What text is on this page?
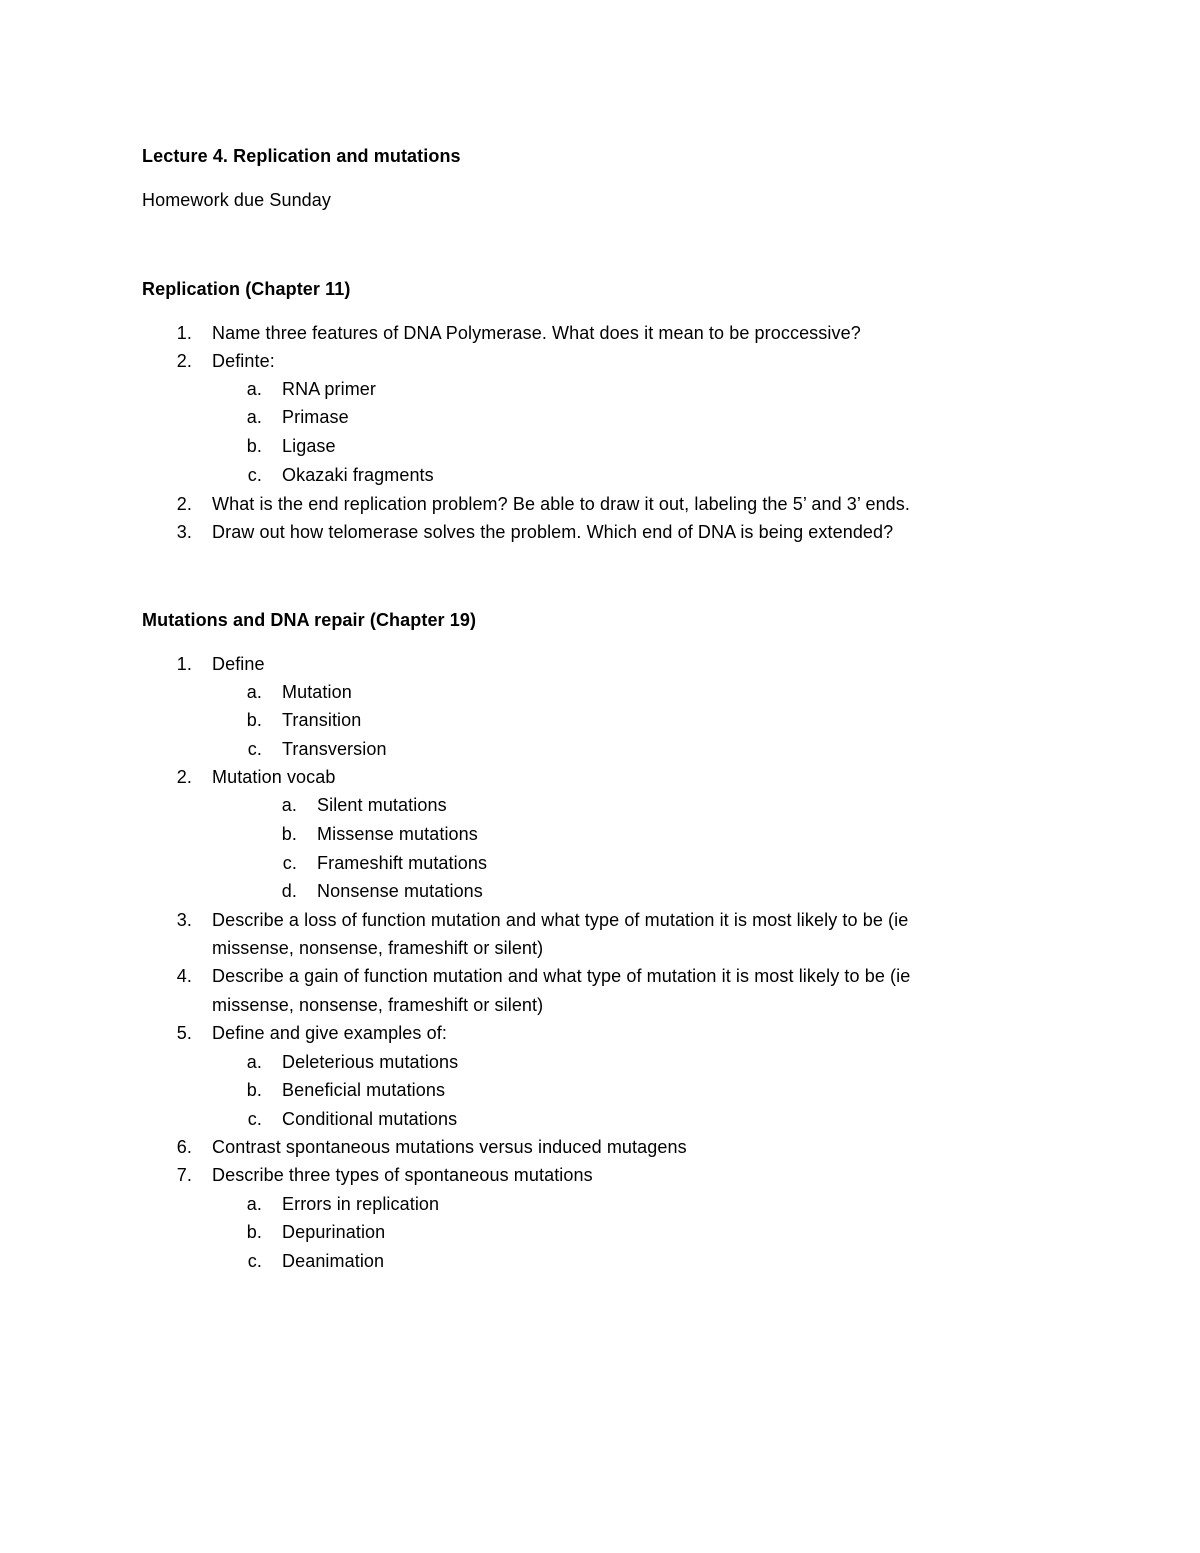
Lecture 4. Replication and mutations
Homework due Sunday
Replication (Chapter 11)
1. Name three features of DNA Polymerase. What does it mean to be proccessive?
2. Definte:
a. RNA primer
a. Primase
b. Ligase
c. Okazaki fragments
2. What is the end replication problem? Be able to draw it out, labeling the 5’ and 3’ ends.
3. Draw out how telomerase solves the problem. Which end of DNA is being extended?
Mutations and DNA repair (Chapter 19)
1. Define
a. Mutation
b. Transition
c. Transversion
2. Mutation vocab
a. Silent mutations
b. Missense mutations
c. Frameshift mutations
d. Nonsense mutations
3. Describe a loss of function mutation and what type of mutation it is most likely to be (ie
missense, nonsense, frameshift or silent)
4. Describe a gain of function mutation and what type of mutation it is most likely to be (ie
missense, nonsense, frameshift or silent)
5. Define and give examples of:
a. Deleterious mutations
b. Beneficial mutations
c. Conditional mutations
6. Contrast spontaneous mutations versus induced mutagens
7. Describe three types of spontaneous mutations
a. Errors in replication
b. Depurination
c. Deanimation
